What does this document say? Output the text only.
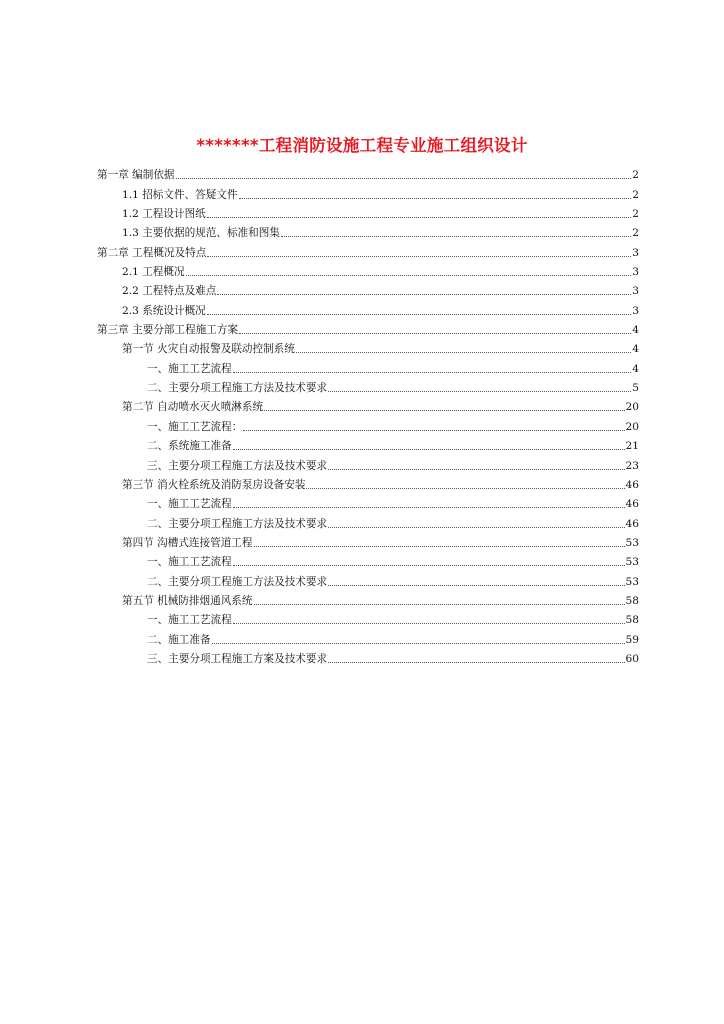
*******工程消防设施工程专业施工组织设计
第一章 编制依据	2
1.1 招标文件、答疑文件	2
1.2 工程设计图纸	2
1.3 主要依据的规范、标准和图集	2
第二章 工程概况及特点	3
2.1 工程概况	3
2.2 工程特点及难点	3
2.3 系统设计概况	3
第三章 主要分部工程施工方案	4
第一节 火灾自动报警及联动控制系统	4
一、施工工艺流程	4
二、主要分项工程施工方法及技术要求	5
第二节 自动喷水灭火喷淋系统	20
一、施工工艺流程：	20
二、系统施工准备	21
三、主要分项工程施工方法及技术要求	23
第三节 消火栓系统及消防泵房设备安装	46
一、施工工艺流程	46
二、主要分项工程施工方法及技术要求	46
第四节 沟槽式连接管道工程	53
一、施工工艺流程	53
二、主要分项工程施工方法及技术要求	53
第五节 机械防排烟通风系统	58
一、施工工艺流程	58
二、施工准备	59
三、主要分项工程施工方案及技术要求	60
